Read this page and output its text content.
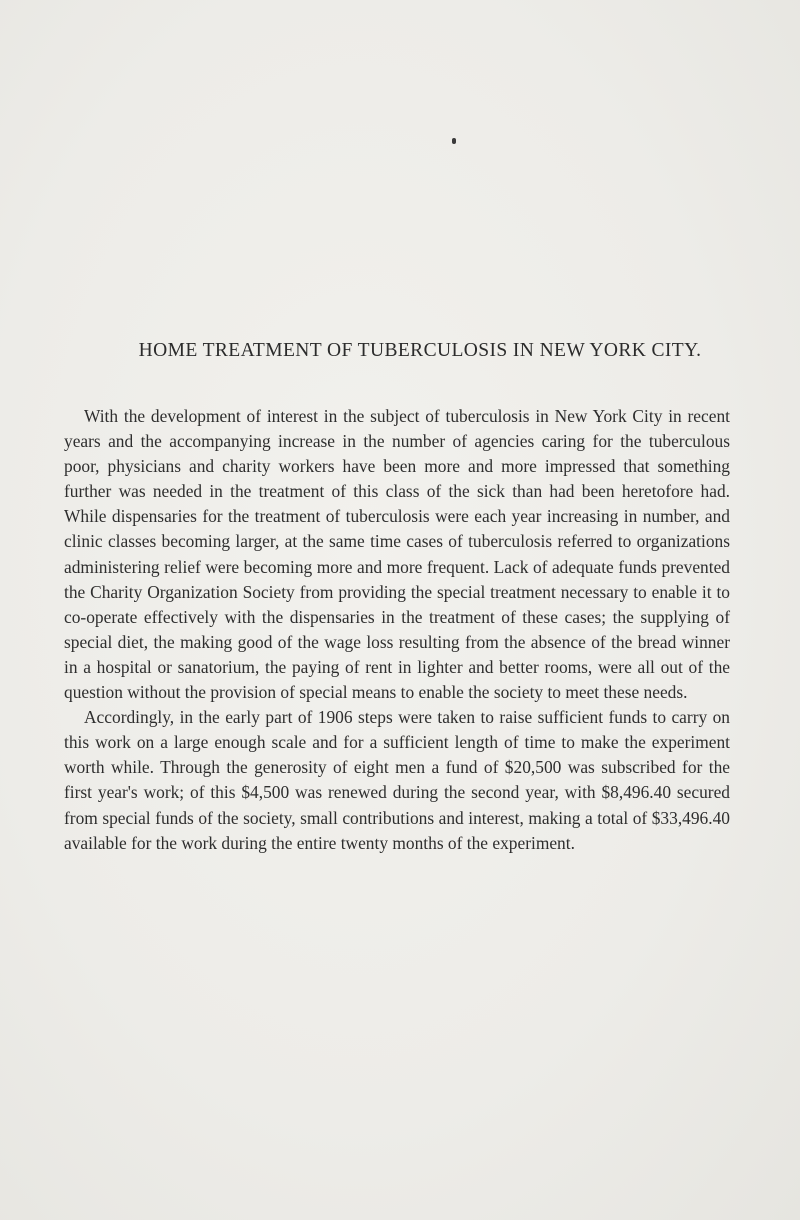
HOME TREATMENT OF TUBERCULOSIS IN NEW YORK CITY.

With the development of interest in the subject of tuberculosis in New York City in recent years and the accompanying increase in the number of agencies caring for the tuberculous poor, physicians and charity workers have been more and more impressed that something further was needed in the treatment of this class of the sick than had been heretofore had. While dispensaries for the treatment of tuberculosis were each year increasing in number, and clinic classes becoming larger, at the same time cases of tuberculosis referred to organizations administering relief were becoming more and more frequent. Lack of adequate funds prevented the Charity Organization Society from providing the special treatment necessary to enable it to co-operate effectively with the dispensaries in the treatment of these cases; the supplying of special diet, the making good of the wage loss resulting from the absence of the bread winner in a hospital or sanatorium, the paying of rent in lighter and better rooms, were all out of the question without the provision of special means to enable the society to meet these needs.

Accordingly, in the early part of 1906 steps were taken to raise sufficient funds to carry on this work on a large enough scale and for a sufficient length of time to make the experiment worth while. Through the generosity of eight men a fund of $20,500 was subscribed for the first year's work; of this $4,500 was renewed during the second year, with $8,496.40 secured from special funds of the society, small contributions and interest, making a total of $33,496.40 available for the work during the entire twenty months of the experiment.
